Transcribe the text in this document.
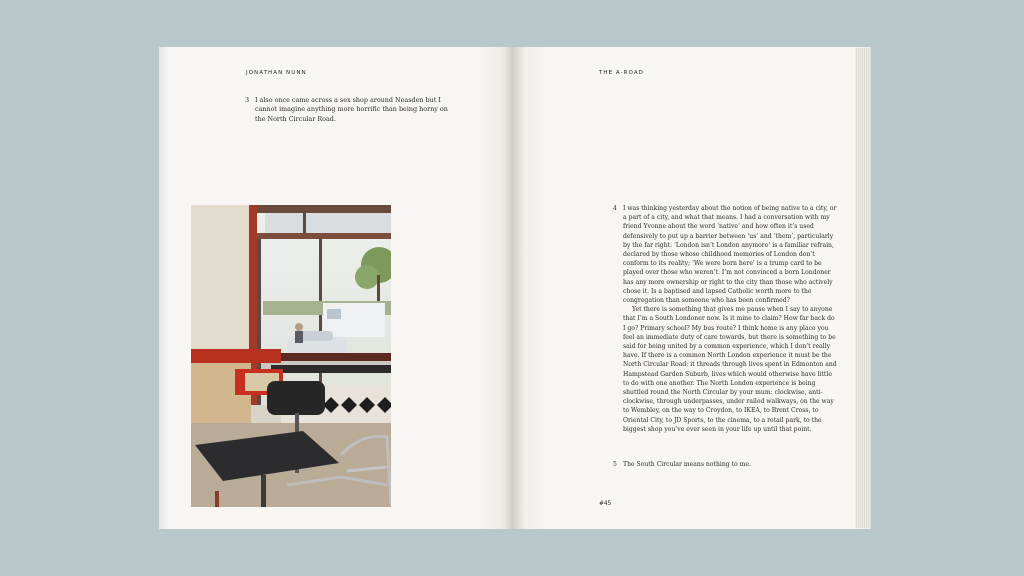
JONATHAN NUNN
3 I also once came across a sex shop around Neasden but I cannot imagine anything more horrific than being horny on the North Circular Road.
THE A-ROAD
4 I was thinking yesterday about the notion of being native to a city, or a part of a city, and what that means. I had a conversation with my friend Yvonne about the word ‘native’ and how often it’s used defensively to put up a barrier between ‘us’ and ‘them’, particularly by the far right. ‘London isn’t London anymore’ is a familiar refrain, declared by those whose childhood memories of London don’t conform to its reality; ‘We were born here’ is a trump card to be played over those who weren’t. I’m not convinced a born Londoner has any more ownership or right to the city than those who actively chose it. Is a baptised and lapsed Catholic worth more to the congregation than someone who has been confirmed?

Yet there is something that gives me pause when I say to anyone that I’m a South Londoner now. Is it mine to claim? How far back do I go? Primary school? My bus route? I think home is any place you feel an immediate duty of care towards, but there is something to be said for being united by a common experience, which I don’t really have. If there is a common North London experience it must be the North Circular Road: it threads through lives spent in Edmonton and Hampstead Garden Suburb, lives which would otherwise have little to do with one another. The North London experience is being shuttled round the North Circular by your mum: clockwise, anti-clockwise, through underpasses, under railed walkways, on the way to Wembley, on the way to Croydon, to IKEA, to Brent Cross, to Oriental City, to JD Sports, to the cinema, to a retail park, to the biggest shop you’ve ever seen in your life up until that point.

5 The South Circular means nothing to me.
#45
